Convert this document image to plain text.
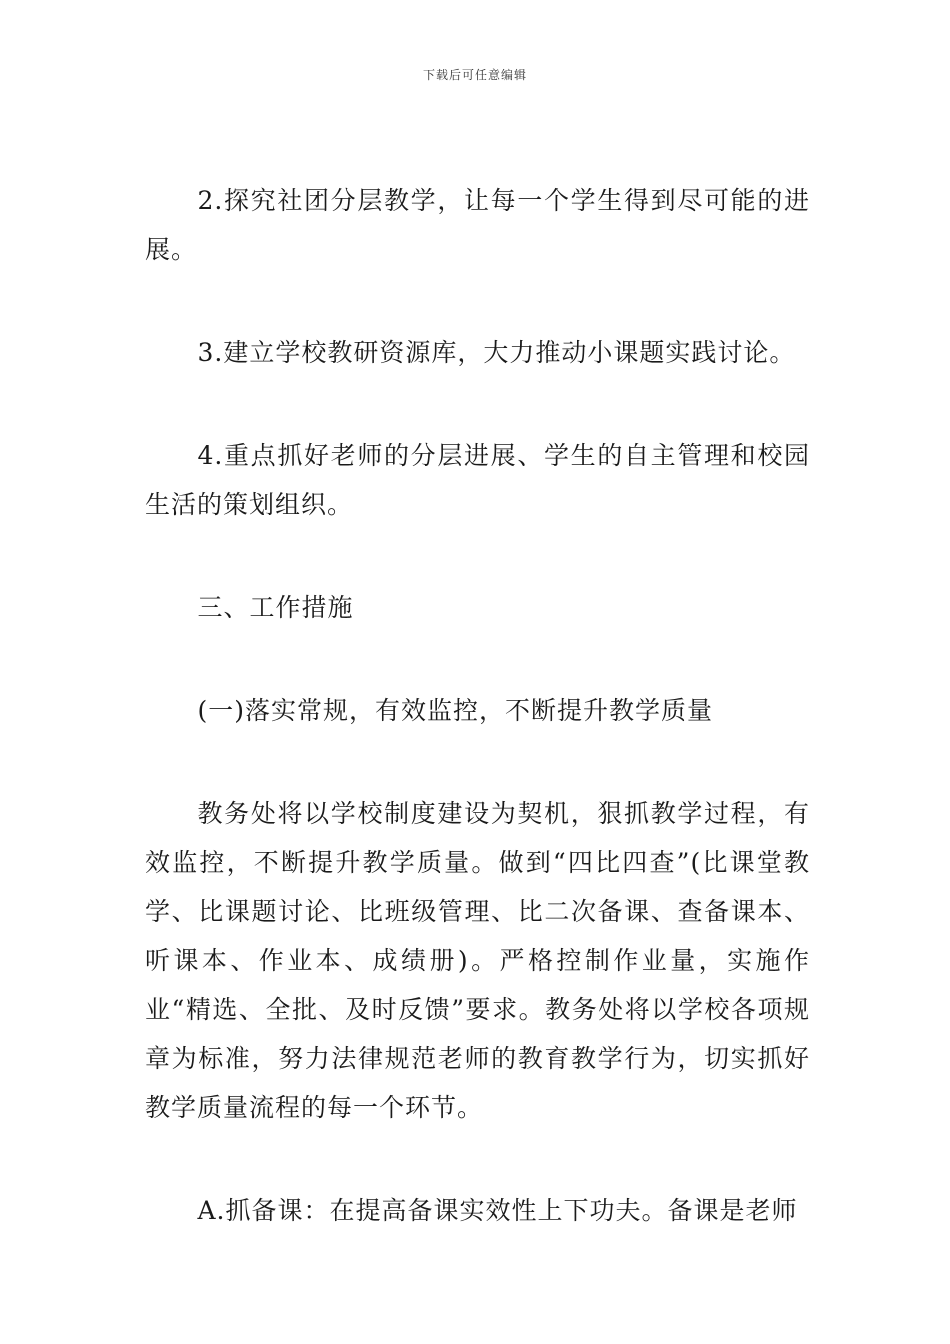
下载后可任意编辑

2.探究社团分层教学，让每一个学生得到尽可能的进展。

3.建立学校教研资源库，大力推动小课题实践讨论。

4.重点抓好老师的分层进展、学生的自主管理和校园生活的策划组织。

三、工作措施

(一)落实常规，有效监控，不断提升教学质量

教务处将以学校制度建设为契机，狠抓教学过程，有效监控，不断提升教学质量。做到“四比四查”(比课堂教学、比课题讨论、比班级管理、比二次备课、查备课本、听课本、作业本、成绩册)。严格控制作业量，实施作业“精选、全批、及时反馈”要求。教务处将以学校各项规章为标准，努力法律规范老师的教育教学行为，切实抓好教学质量流程的每一个环节。

A.抓备课：在提高备课实效性上下功夫。备课是老师
